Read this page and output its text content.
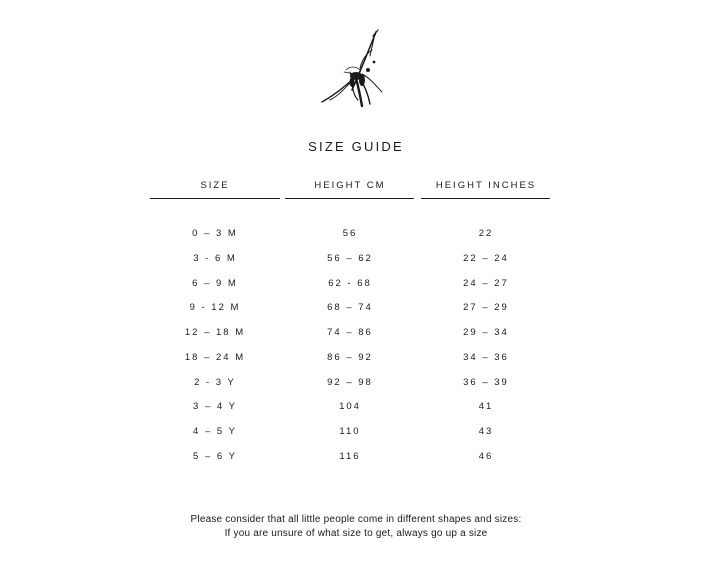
SIZE GUIDE
SIZE	HEIGHT CM	HEIGHT INCHES
0 – 3 M	56	22
3 - 6 M	56 – 62	22 – 24
6 – 9 M	62 - 68	24 – 27
9 - 12 M	68 – 74	27 – 29
12 – 18 M	74 – 86	29 – 34
18 – 24 M	86 – 92	34 – 36
2 - 3 Y	92 – 98	36 – 39
3 – 4 Y	104	41
4 – 5 Y	110	43
5 – 6 Y	116	46
Please consider that all little people come in different shapes and sizes:
If you are unsure of what size to get, always go up a size
